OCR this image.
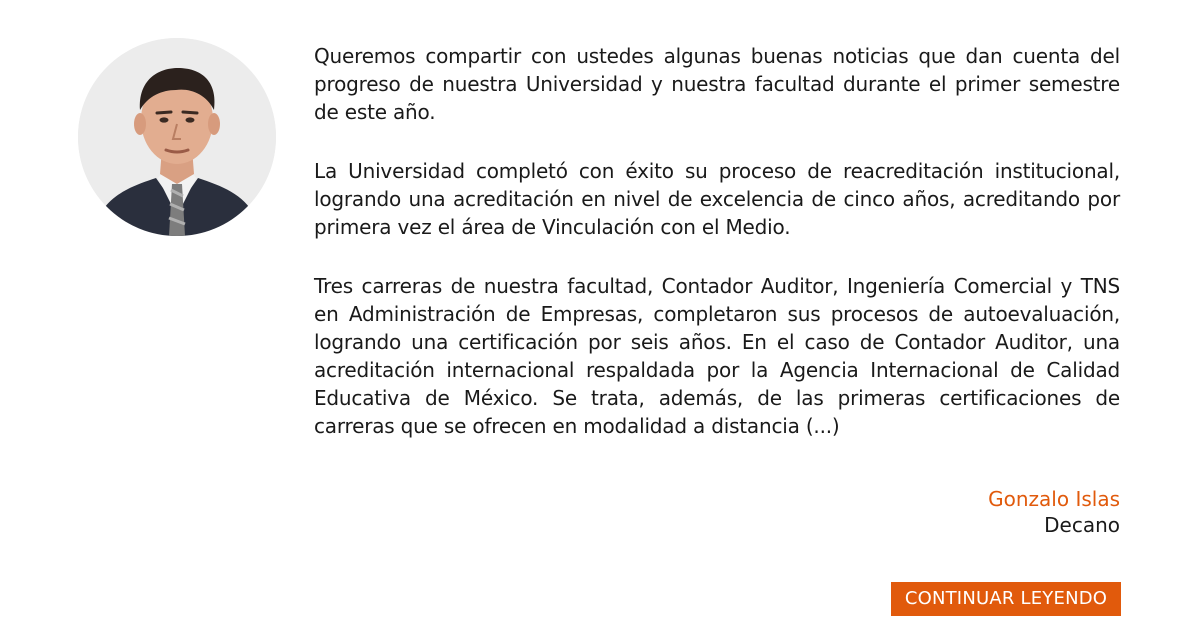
Queremos compartir con ustedes algunas buenas noticias que dan cuenta del progreso de nuestra Universidad y nuestra facultad durante el primer semestre de este año.

La Universidad completó con éxito su proceso de reacreditación institucional, logrando una acreditación en nivel de excelencia de cinco años, acreditando por primera vez el área de Vinculación con el Medio.

Tres carreras de nuestra facultad, Contador Auditor, Ingeniería Comercial y TNS en Administración de Empresas, completaron sus procesos de autoevaluación, logrando una certificación por seis años. En el caso de Contador Auditor, una acreditación internacional respaldada por la Agencia Internacional de Calidad Educativa de México. Se trata, además, de las primeras certificaciones de carreras que se ofrecen en modalidad a distancia (...)

Gonzalo Islas
Decano
CONTINUAR LEYENDO
